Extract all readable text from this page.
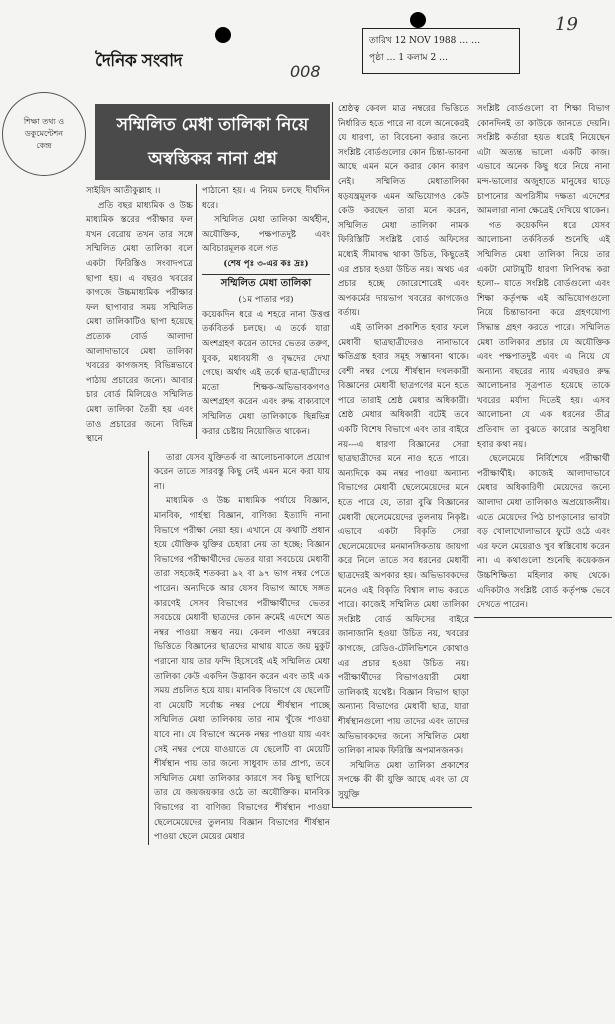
দৈনিক সংবাদ
008
তারিখ 12 NOV 1988 … …
পৃষ্ঠা … 1 কলাম 2 …
19
শিক্ষা তথ্য ও
ডকুমেন্টেশন
কেন্দ্র
সম্মিলিত মেধা তালিকা নিয়ে
অস্বস্তিকর নানা প্রশ্ন

সাইয়িদ আতীকুল্লাহ ।।

প্রতি বছর মাধ্যমিক ও উচ্চ মাধ্যমিক স্তরের পরীক্ষার ফল যখন বেরোয় তখন তার সঙ্গে সম্মিলিত মেধা তালিকা বলে একটা ফিরিস্তিও সংবাদপত্রে ছাপা হয়। এ বছরও খবরের কাগজে উচ্চমাধ্যমিক পরীক্ষার ফল ছাপাবার সময় সম্মিলিত মেধা তালিকাটিও ছাপা হয়েছে প্রত্যেক বোর্ড আলাদা আলাদাভাবে মেধা তালিকা খবরের কাগজসহ বিভিন্নভাবে পাঠায় প্রচারের জন্যে। আবার চার বোর্ড মিলিয়েও সম্মিলিত মেধা তালিকা তৈরী হয় এবং তাও প্রচারের জন্যে বিভিন্ন স্থানে

পাঠানো হয়। এ নিয়ম চলছে দীর্ঘদিন ধরে।

সম্মিলিত মেধা তালিকা অর্থহীন, অযৌক্তিক, পক্ষপাতদুষ্ট এবং অবিচারমূলক বলে গত

(শেষ পৃঃ ৩-এর কঃ দ্রঃ)
সম্মিলিত মেধা তালিকা
(১ম পাতার পর)

কয়েকদিন ধরে এ শহরে নানা উত্তপ্ত তর্কবিতর্ক চলছে। এ তর্কে যারা অংশগ্রহণ করেন তাদের ভেতর তরুণ, যুবক, মধ্যবয়সী ও বৃদ্ধদের দেখা গেছে। অর্থাৎ এই তর্কে ছাত্র-ছাত্রীদের মতো শিক্ষক-অভিভাবকগণও অংশগ্রহণ করেন এবং রুদ্ধ বাক্যবাণে সম্মিলিত মেধা তালিকাকে ছিন্নভিন্ন করার চেষ্টায় নিয়োজিত থাকেন।

তারা যেসব যুক্তিতর্ক বা আলোচনাকালে প্রয়োগ করেন তাতে সারবস্তু কিছু নেই এমন মনে করা যায় না।

মাধ্যমিক ও উচ্চ মাধ্যমিক পর্যায়ে বিজ্ঞান, মানবিক, গার্হস্থ্য বিজ্ঞান, বাণিজ্য ইত্যাদি নানা বিভাগে পরীক্ষা নেয়া হয়। এখানে যে কথাটি প্রধান হয়ে যৌক্তিক যুক্তির চেহারা নেয় তা হচ্ছে: বিজ্ঞান বিভাগের পরীক্ষার্থীদের ভেতর যারা সবচেয়ে মেধাবী তারা সহজেই শতকরা ৯২ বা ৯৭ ভাগ নম্বর পেতে পারেন। অন্যদিকে আর যেসব বিভাগ আছে সঙ্গত কারণেই সেসব বিভাগের পরীক্ষার্থীদের ভেতর সবচেয়ে মেধাবী ছাত্রদের কোন ক্রমেই এদেশে অত নম্বর পাওয়া সম্ভব নয়। কেবল পাওয়া নম্বরের ভিত্তিতে বিজ্ঞানের ছাত্রদের মাথায় যাতে জয় মুকুট পরানো যায় তার ফন্দি হিসেবেই এই সম্মিলিত মেধা তালিকা কেউ একদিন উদ্ভাবন করেন এবং তাই এক সময় প্রচলিত হয়ে যায়। মানবিক বিভাগে যে ছেলেটি বা মেয়েটি সর্বোচ্চ নম্বর পেয়ে শীর্ষস্থান পাচ্ছে সম্মিলিত মেধা তালিকায় তার নাম খুঁজে পাওয়া যাবে না। যে বিভাগে অনেক নম্বর পাওয়া যায় এবং সেই নম্বর পেয়ে যাওয়াতে যে ছেলেটি বা মেয়েটি শীর্ষস্থান পায় তার জন্যে সাধুবাদ তার প্রাপ্য, তবে সম্মিলিত মেধা তালিকার কারণে সব কিছু ছাপিয়ে তার যে জয়জয়কার ওঠে তা অযৌক্তিক। মানবিক বিভাগের বা বাণিজ্য বিভাগের শীর্ষস্থান পাওয়া ছেলেমেয়েদের তুলনায় বিজ্ঞান বিভাগের শীর্ষস্থান পাওয়া ছেলে মেয়ের মেধার

শ্রেষ্ঠত্ব কেবল মাত্র নম্বরের ভিত্তিতে নির্ধারিত হতে পারে না বলে অনেকেরই যে ধারণা, তা বিবেচনা করার জন্যে সংশ্লিষ্ট বোর্ডগুলোর কোন চিন্তা-ভাবনা আছে এমন মনে করার কোন কারণ নেই। সম্মিলিত মেধাতালিকা ষড়যন্ত্রমূলক এমন অভিযোগও কেউ কেউ করছেন তারা মনে করেন, সম্মিলিত মেধা তালিকা নামক ফিরিস্তিটি সংশ্লিষ্ট বোর্ড অফিসের মধ্যেই সীমাবদ্ধ থাকা উচিত, কিছুতেই এর প্রচার হওয়া উচিত নয়। অথচ এর প্রচার হচ্ছে জোরেশোরেই এবং অপকর্মের দায়ভাগ খবরের কাগজেও বর্তায়।

এই তালিকা প্রকাশিত হবার ফলে মেধাবী ছাত্রছাত্রীদেরও নানাভাবে ক্ষতিগ্রস্ত হবার সমূহ সম্ভাবনা থাকে। বেশী নম্বর পেয়ে শীর্ষস্থান দখলকারী বিজ্ঞানের মেধাবী ছাত্রগণের মনে হতে পারে তারাই শ্রেষ্ঠ মেধার অধিকারী। শ্রেষ্ঠ মেধার অধিকারী বটেই তবে একটি বিশেষ বিভাগে এবং তার বাইরে নয়---এ ধারণা বিজ্ঞানের সেরা ছাত্রছাত্রীদের মনে নাও হতে পারে। অন্যদিকে কম নম্বর পাওয়া অন্যান্য বিভাগের মেধাবী ছেলেমেয়েদের মনে হতে পারে যে, তারা বুঝি বিজ্ঞানের মেধাবী ছেলেমেয়েদের তুলনায় নিকৃষ্ট। এভাবে একটা বিকৃতি সেরা ছেলেমেয়েদের মনমানসিকতায় জায়গা করে নিলে তাতে সব ধরনের মেধাবী ছাত্রদেরই অপকার হয়। অভিভাবকদের মনেও এই বিকৃতি বিশ্বাস লাভ করতে পারে। কাজেই সম্মিলিত মেধা তালিকা সংশ্লিষ্ট বোর্ড অফিসের বাইরে জানাজানি হওয়া উচিত নয়, খবরের কাগজে, রেডিও-টেলিভিশনে কোথাও এর প্রচার হওয়া উচিত নয়। পরীক্ষার্থীদের বিভাগওয়ারী মেধা তালিকাই যথেষ্ট। বিজ্ঞান বিভাগ ছাড়া অন্যান্য বিভাগের মেধাবী ছাত্র, যারা শীর্ষস্থানগুলো পায় তাদের এবং তাদের অভিভাবকদের জন্যে সম্মিলিত মেধা তালিকা নামক ফিরিস্তি অপমানজনক।

সম্মিলিত মেধা তালিকা প্রকাশের সপক্ষে কী কী যুক্তি আছে এবং তা যে সুযুক্তি

সংশ্লিষ্ট বোর্ডগুলো বা শিক্ষা বিভাগ কোনদিনই তা কাউকে জানতে দেয়নি। সংশ্লিষ্ট কর্তারা হয়ত ধরেই নিয়েছেন এটা অত্যন্ত ভালো একটি কাজ। এভাবে অনেক কিছু ধরে নিয়ে নানা মন্দ-ভালোর অজুহাতে মানুষের ঘাড়ে চাপানোর অপরিসীম দক্ষতা এদেশের আমলারা নানা ক্ষেত্রেই দেখিয়ে থাকেন।

গত কয়েকদিন ধরে যেসব আলোচনা তর্কবিতর্ক শুনেছি এই সম্মিলিত মেধা তালিকা নিয়ে তার একটা মোটামুটি ধারণা লিপিবদ্ধ করা হলো-- যাতে সংশ্লিষ্ট বোর্ডগুলো এবং শিক্ষা কর্তৃপক্ষ এই অভিযোগগুলো নিয়ে চিন্তাভাবনা করে গ্রহণযোগ্য সিদ্ধান্ত গ্রহণ করতে পারে। সম্মিলিত মেধা তালিকার প্রচার যে অযৌক্তিক এবং পক্ষপাতদুষ্ট এবং এ নিয়ে যে অন্যান্য বছরের ন্যায় এবছরও রুদ্ধ আলোচনার সূত্রপাত হয়েছে তাকে খবরের মর্যাদা দিতেই হয়। এসব আলোচনা যে এক ধরনের তীব্র প্রতিবাদ তা বুঝতে কারোর অসুবিধা হবার কথা নয়।

ছেলেমেয়ে নির্বিশেষে পরীক্ষার্থী পরীক্ষার্থীই। কাজেই আলাদাভাবে মেধার অধিকারিণী মেয়েদের জন্যে আলাদা মেধা তালিকাও অপ্রয়োজনীয়। এতে মেয়েদের পিঠ চাপড়ানোর ভাবটা বড় খোলাখোলাভাবে ফুটে ওঠে এবং এর ফলে মেয়েরাও খুব স্বস্তিবোধ করেন না। এ কথাগুলো শুনেছি কয়েকজন উচ্চশিক্ষিতা মহিলার কাছ থেকে। এদিকটাও সংশ্লিষ্ট বোর্ড কর্তৃপক্ষ ভেবে দেখতে পারেন।
